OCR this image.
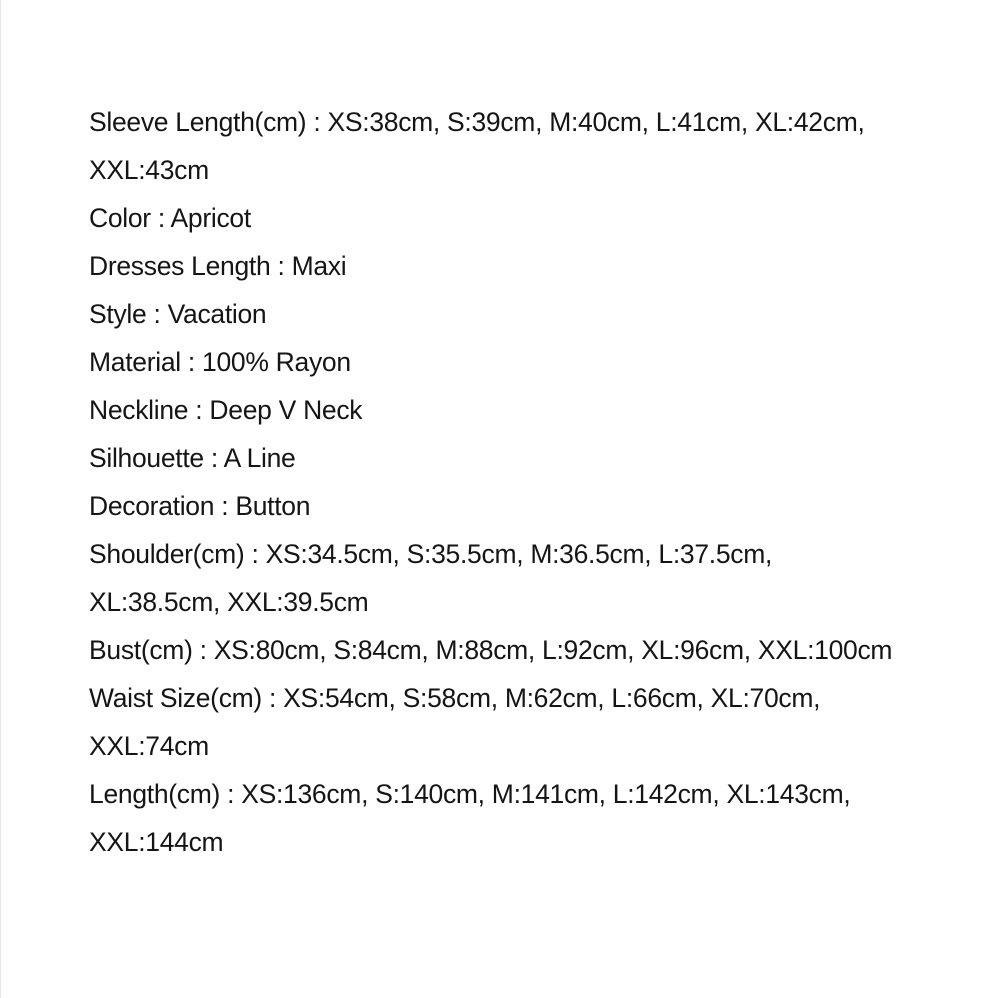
Sleeve Length(cm) : XS:38cm, S:39cm, M:40cm, L:41cm, XL:42cm,
XXL:43cm
Color : Apricot
Dresses Length : Maxi
Style : Vacation
Material : 100% Rayon
Neckline : Deep V Neck
Silhouette : A Line
Decoration : Button
Shoulder(cm) : XS:34.5cm, S:35.5cm, M:36.5cm, L:37.5cm,
XL:38.5cm, XXL:39.5cm
Bust(cm) : XS:80cm, S:84cm, M:88cm, L:92cm, XL:96cm, XXL:100cm
Waist Size(cm) : XS:54cm, S:58cm, M:62cm, L:66cm, XL:70cm,
XXL:74cm
Length(cm) : XS:136cm, S:140cm, M:141cm, L:142cm, XL:143cm,
XXL:144cm
